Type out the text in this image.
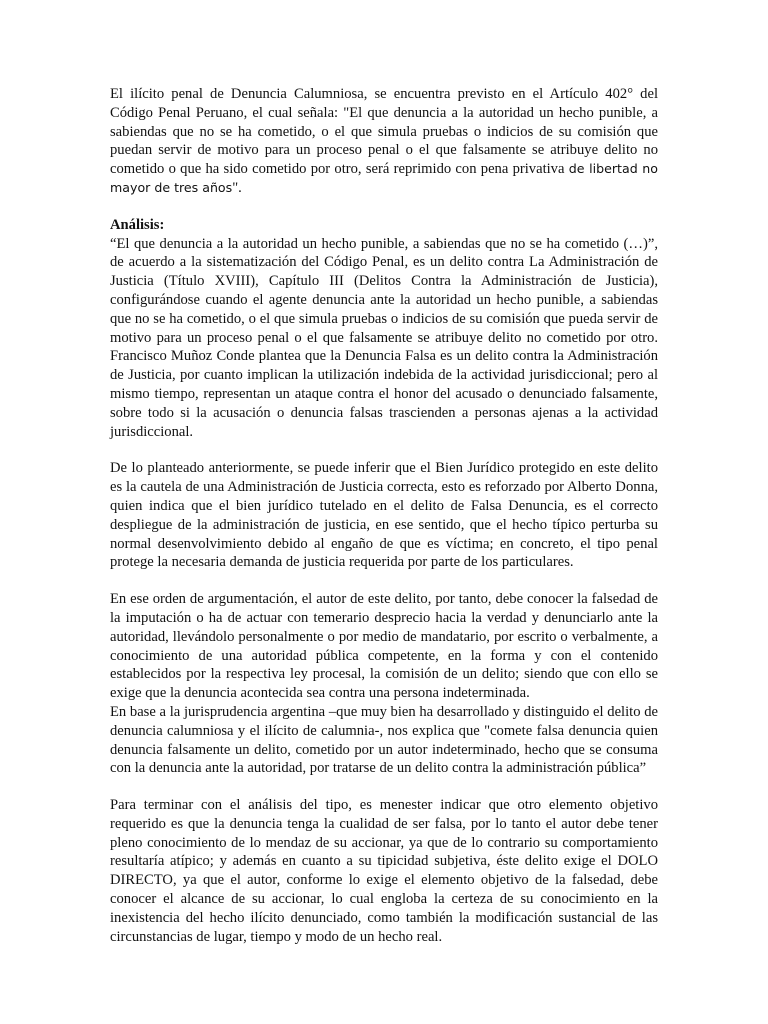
El ilícito penal de Denuncia Calumniosa, se encuentra previsto en el Artículo 402° del Código Penal Peruano, el cual señala: "El que denuncia a la autoridad un hecho punible, a sabiendas que no se ha cometido, o el que simula pruebas o indicios de su comisión que puedan servir de motivo para un proceso penal o el que falsamente se atribuye delito no cometido o que ha sido cometido por otro, será reprimido con pena privativa de libertad no mayor de tres años".

Análisis:

“El que denuncia a la autoridad un hecho punible, a sabiendas que no se ha cometido (…)”, de acuerdo a la sistematización del Código Penal, es un delito contra La Administración de Justicia (Título XVIII), Capítulo III (Delitos Contra la Administración de Justicia), configurándose cuando el agente denuncia ante la autoridad un hecho punible, a sabiendas que no se ha cometido, o el que simula pruebas o indicios de su comisión que pueda servir de motivo para un proceso penal o el que falsamente se atribuye delito no cometido por otro. Francisco Muñoz Conde plantea que la Denuncia Falsa es un delito contra la Administración de Justicia, por cuanto implican la utilización indebida de la actividad jurisdiccional; pero al mismo tiempo, representan un ataque contra el honor del acusado o denunciado falsamente, sobre todo si la acusación o denuncia falsas trascienden a personas ajenas a la actividad jurisdiccional.

De lo planteado anteriormente, se puede inferir que el Bien Jurídico protegido en este delito es la cautela de una Administración de Justicia correcta, esto es reforzado por Alberto Donna, quien indica que el bien jurídico tutelado en el delito de Falsa Denuncia, es el correcto despliegue de la administración de justicia, en ese sentido, que el hecho típico perturba su normal desenvolvimiento debido al engaño de que es víctima; en concreto, el tipo penal protege la necesaria demanda de justicia requerida por parte de los particulares.

En ese orden de argumentación, el autor de este delito, por tanto, debe conocer la falsedad de la imputación o ha de actuar con temerario desprecio hacia la verdad y denunciarlo ante la autoridad, llevándolo personalmente o por medio de mandatario, por escrito o verbalmente, a conocimiento de una autoridad pública competente, en la forma y con el contenido establecidos por la respectiva ley procesal, la comisión de un delito; siendo que con ello se exige que la denuncia acontecida sea contra una persona indeterminada.

En base a la jurisprudencia argentina –que muy bien ha desarrollado y distinguido el delito de denuncia calumniosa y el ilícito de calumnia-, nos explica que "comete falsa denuncia quien denuncia falsamente un delito, cometido por un autor indeterminado, hecho que se consuma con la denuncia ante la autoridad, por tratarse de un delito contra la administración pública”

Para terminar con el análisis del tipo, es menester indicar que otro elemento objetivo requerido es que la denuncia tenga la cualidad de ser falsa, por lo tanto el autor debe tener pleno conocimiento de lo mendaz de su accionar, ya que de lo contrario su comportamiento resultaría atípico; y además en cuanto a su tipicidad subjetiva, éste delito exige el DOLO DIRECTO, ya que el autor, conforme lo exige el elemento objetivo de la falsedad, debe conocer el alcance de su accionar, lo cual engloba la certeza de su conocimiento en la inexistencia del hecho ilícito denunciado, como también la modificación sustancial de las circunstancias de lugar, tiempo y modo de un hecho real.
